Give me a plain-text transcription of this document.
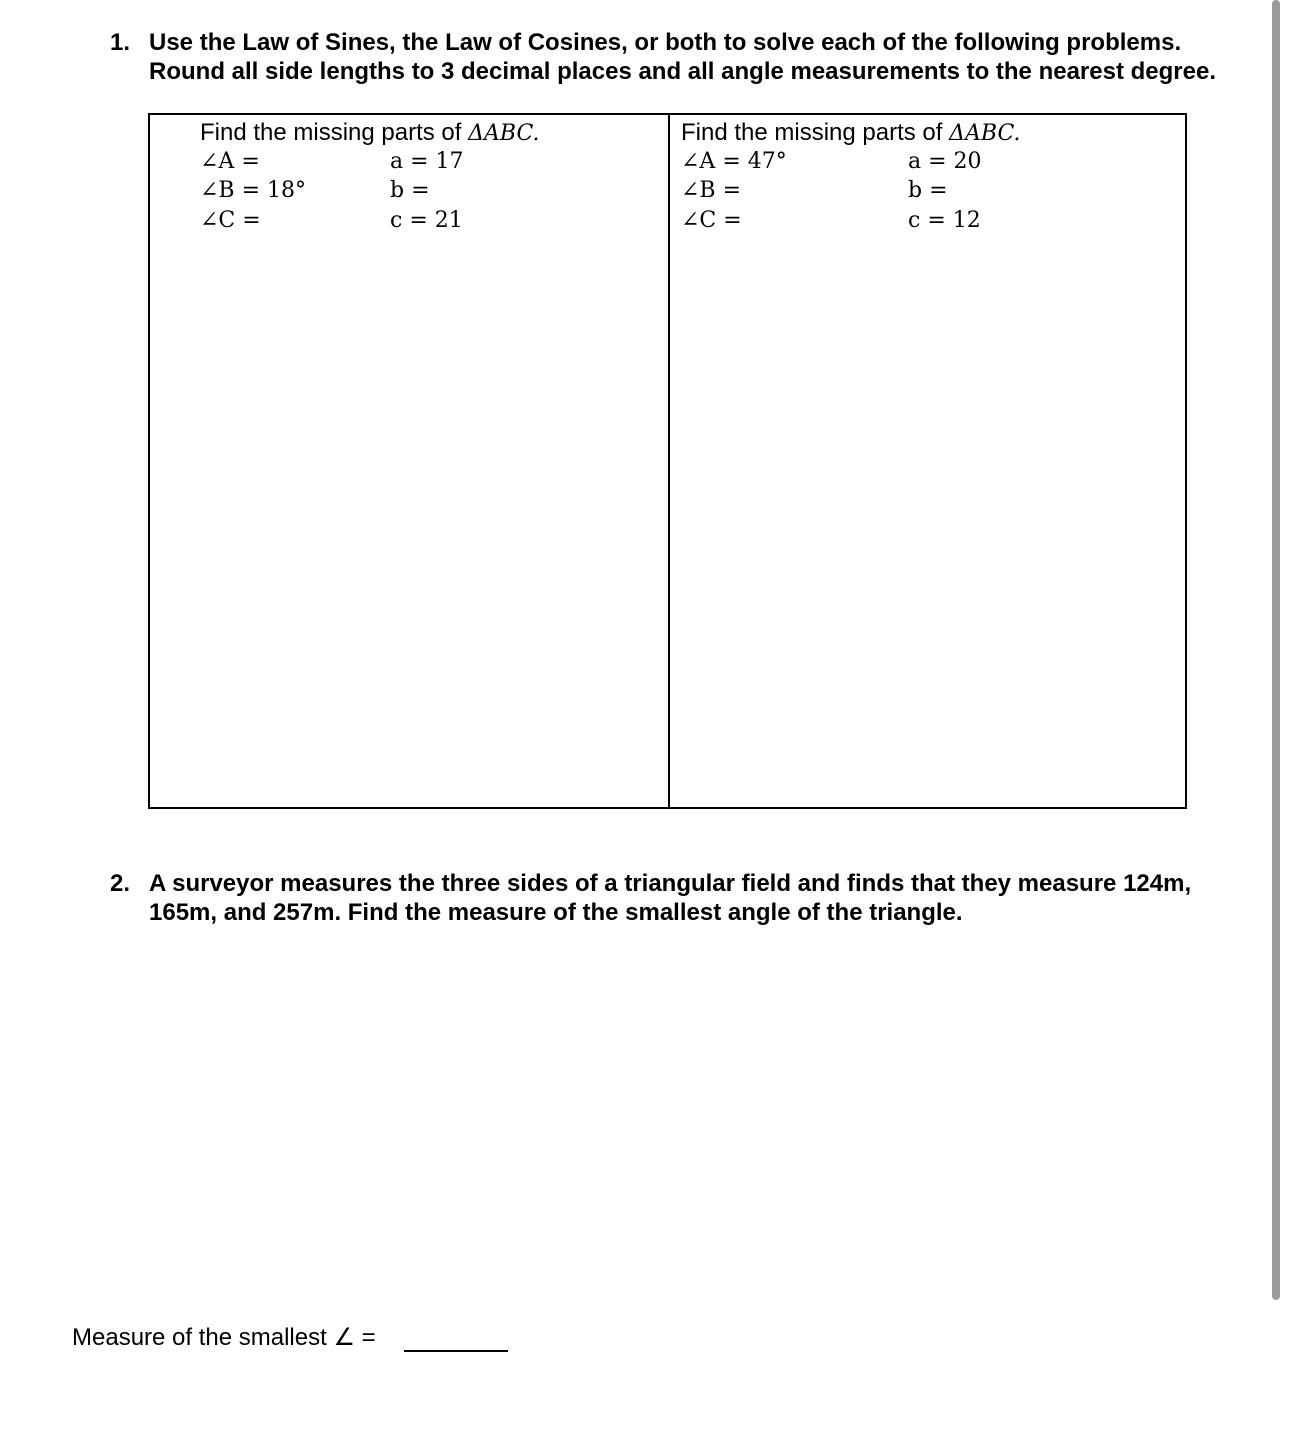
1. Use the Law of Sines, the Law of Cosines, or both to solve each of the following problems. Round all side lengths to 3 decimal places and all angle measurements to the nearest degree.
Find the missing parts of ΔABC.
∠A =
∠B = 18°
∠C =
a = 17
b =
c = 21
Find the missing parts of ΔABC.
∠A = 47°
∠B =
∠C =
a = 20
b =
c = 12
2. A surveyor measures the three sides of a triangular field and finds that they measure 124m, 165m, and 257m. Find the measure of the smallest angle of the triangle.
Measure of the smallest ∠ =
